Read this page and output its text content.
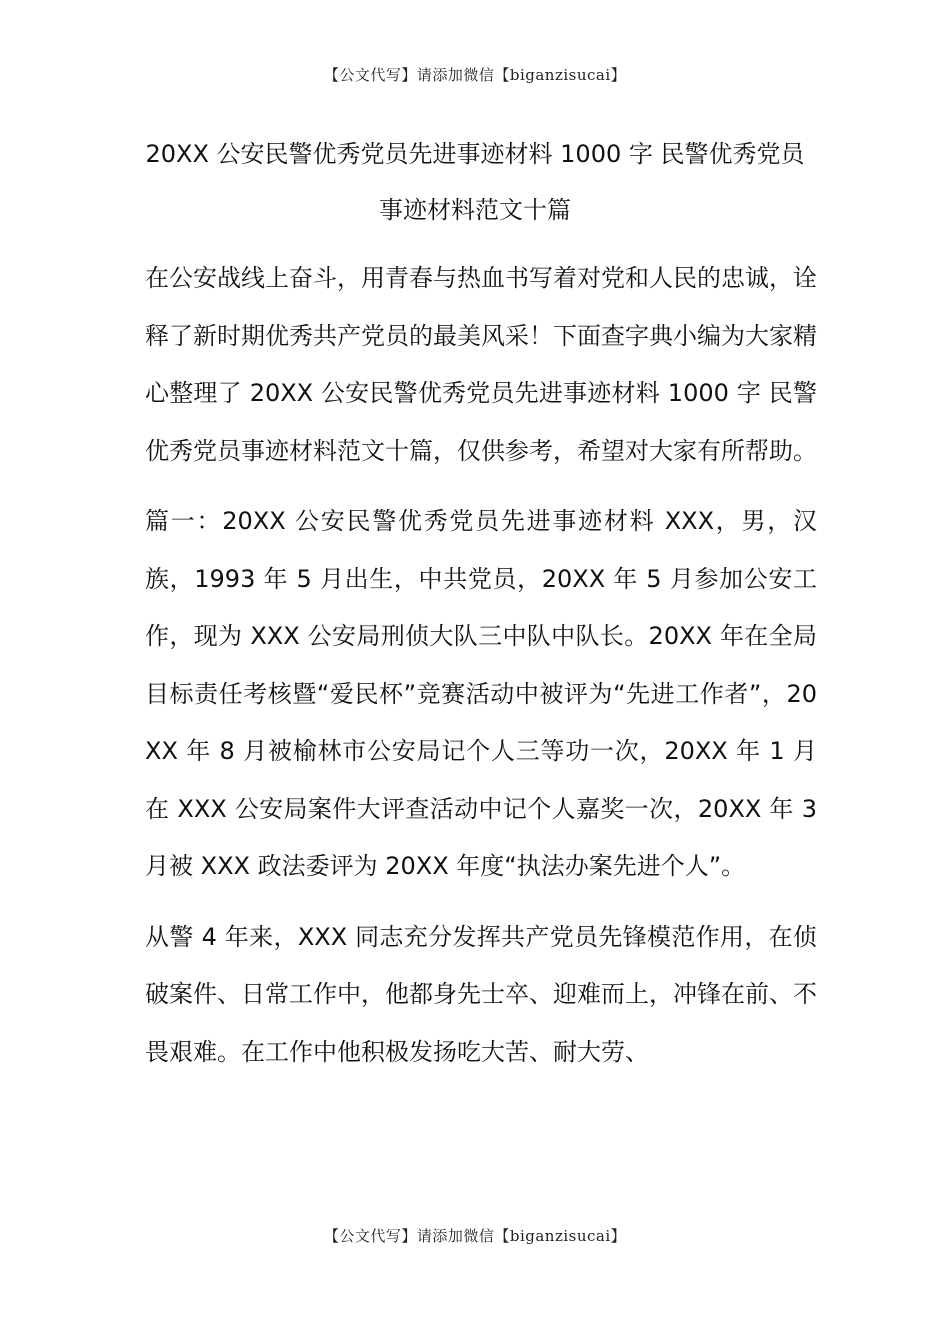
【公文代写】请添加微信【biganzisucai】
20XX 公安民警优秀党员先进事迹材料 1000 字 民警优秀党员事迹材料范文十篇

在公安战线上奋斗，用青春与热血书写着对党和人民的忠诚，诠释了新时期优秀共产党员的最美风采！下面查字典小编为大家精心整理了 20XX 公安民警优秀党员先进事迹材料 1000 字 民警优秀党员事迹材料范文十篇，仅供参考，希望对大家有所帮助。

篇一：20XX 公安民警优秀党员先进事迹材料 XXX，男，汉族，1993 年 5 月出生，中共党员，20XX 年 5 月参加公安工作，现为 XXX 公安局刑侦大队三中队中队长。20XX 年在全局目标责任考核暨“爱民杯”竞赛活动中被评为“先进工作者”，20XX 年 8 月被榆林市公安局记个人三等功一次，20XX 年 1 月在 XXX 公安局案件大评查活动中记个人嘉奖一次，20XX 年 3 月被 XXX 政法委评为 20XX 年度“执法办案先进个人”。

从警 4 年来，XXX 同志充分发挥共产党员先锋模范作用，在侦破案件、日常工作中，他都身先士卒、迎难而上，冲锋在前、不畏艰难。在工作中他积极发扬吃大苦、耐大劳、

【公文代写】请添加微信【biganzisucai】
